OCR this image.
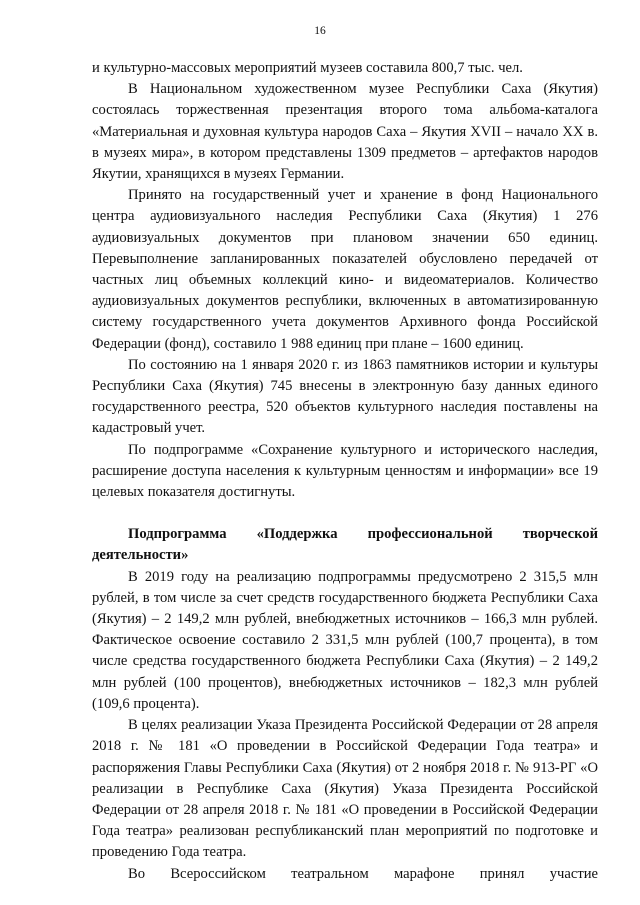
16

и культурно-массовых мероприятий музеев составила 800,7 тыс. чел.

В Национальном художественном музее Республики Саха (Якутия) состоялась торжественная презентация второго тома альбома-каталога «Материальная и духовная культура народов Саха – Якутия XVII – начало XX в. в музеях мира», в котором представлены 1309 предметов – артефактов народов Якутии, хранящихся в музеях Германии.

Принято на государственный учет и хранение в фонд Национального центра аудиовизуального наследия Республики Саха (Якутия) 1 276 аудиовизуальных документов при плановом значении 650 единиц. Перевыполнение запланированных показателей обусловлено передачей от частных лиц объемных коллекций кино- и видеоматериалов. Количество аудиовизуальных документов республики, включенных в автоматизированную систему государственного учета документов Архивного фонда Российской Федерации (фонд), составило 1 988 единиц при плане – 1600 единиц.

По состоянию на 1 января 2020 г. из 1863 памятников истории и культуры Республики Саха (Якутия) 745 внесены в электронную базу данных единого государственного реестра, 520 объектов культурного наследия поставлены на кадастровый учет.

По подпрограмме «Сохранение культурного и исторического наследия, расширение доступа населения к культурным ценностям и информации» все 19 целевых показателя достигнуты.

Подпрограмма «Поддержка профессиональной творческой деятельности»

В 2019 году на реализацию подпрограммы предусмотрено 2 315,5 млн рублей, в том числе за счет средств государственного бюджета Республики Саха (Якутия) – 2 149,2 млн рублей, внебюджетных источников – 166,3 млн рублей. Фактическое освоение составило 2 331,5 млн рублей (100,7 процента), в том числе средства государственного бюджета Республики Саха (Якутия) – 2 149,2 млн рублей (100 процентов), внебюджетных источников – 182,3 млн рублей (109,6 процента).

В целях реализации Указа Президента Российской Федерации от 28 апреля 2018 г. № 181 «О проведении в Российской Федерации Года театра» и распоряжения Главы Республики Саха (Якутия) от 2 ноября 2018 г. № 913-РГ «О реализации в Республике Саха (Якутия) Указа Президента Российской Федерации от 28 апреля 2018 г. № 181 «О проведении в Российской Федерации Года театра» реализован республиканский план мероприятий по подготовке и проведению Года театра.

Во Всероссийском театральном марафоне принял участие
